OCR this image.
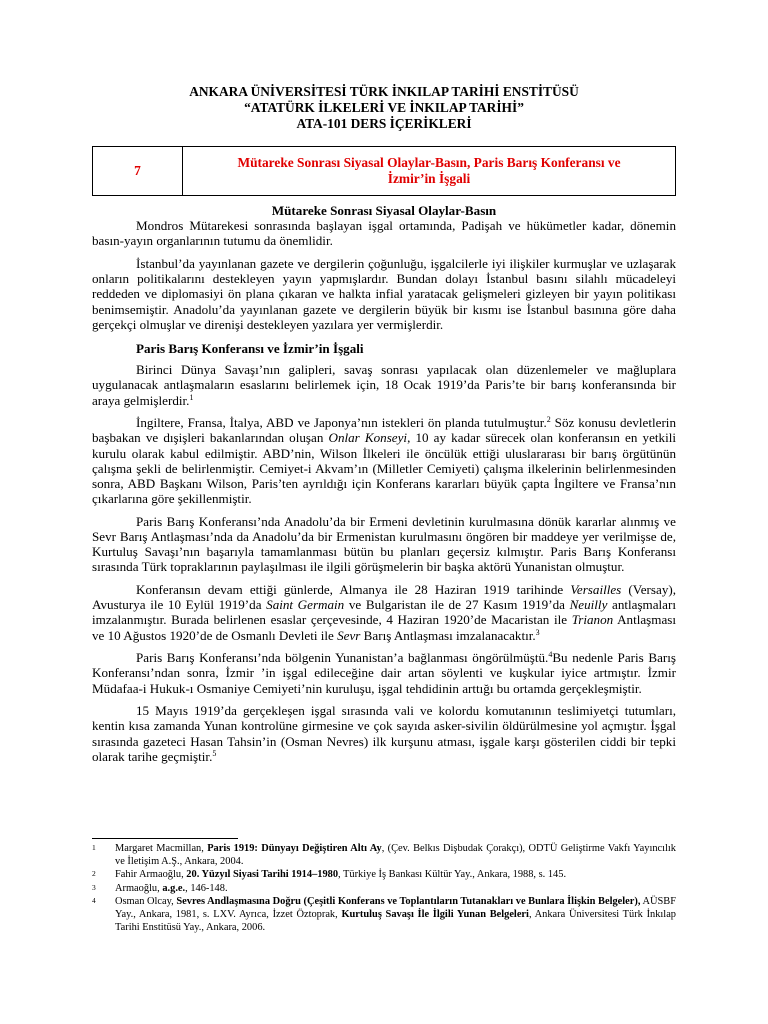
ANKARA ÜNİVERSİTESİ TÜRK İNKILAP TARİHİ ENSTİTÜSÜ
“ATATÜRK İLKELERİ VE İNKILAP TARİHİ”
ATA-101 DERS İÇERİKLERİ
7
Mütareke Sonrası Siyasal Olaylar-Basın, Paris Barış Konferansı ve İzmir’in İşgali
Mütareke Sonrası Siyasal Olaylar-Basın

Mondros Mütarekesi sonrasında başlayan işgal ortamında, Padişah ve hükümetler kadar, dönemin basın-yayın organlarının tutumu da önemlidir.

İstanbul’da yayınlanan gazete ve dergilerin çoğunluğu, işgalcilerle iyi ilişkiler kurmuşlar ve uzlaşarak onların politikalarını destekleyen yayın yapmışlardır. Bundan dolayı İstanbul basını silahlı mücadeleyi reddeden ve diplomasiyi ön plana çıkaran ve halkta infial yaratacak gelişmeleri gizleyen bir yayın politikası benimsemiştir. Anadolu’da yayınlanan gazete ve dergilerin büyük bir kısmı ise İstanbul basınına göre daha gerçekçi olmuşlar ve direnişi destekleyen yazılara yer vermişlerdir.

Paris Barış Konferansı ve İzmir’in İşgali

Birinci Dünya Savaşı’nın galipleri, savaş sonrası yapılacak olan düzenlemeler ve mağluplara uygulanacak antlaşmaların esaslarını belirlemek için, 18 Ocak 1919’da Paris’te bir barış konferansında bir araya gelmişlerdir.$^1$

İngiltere, Fransa, İtalya, ABD ve Japonya’nın istekleri ön planda tutulmuştur.$^2$ Söz konusu devletlerin başbakan ve dışişleri bakanlarından oluşan Onlar Konseyi, 10 ay kadar sürecek olan konferansın en yetkili kurulu olarak kabul edilmiştir. ABD’nin, Wilson İlkeleri ile öncülük ettiği uluslararası bir barış örgütünün çalışma şekli de belirlenmiştir. Cemiyet-i Akvam’ın (Milletler Cemiyeti) çalışma ilkelerinin belirlenmesinden sonra, ABD Başkanı Wilson, Paris’ten ayrıldığı için Konferans kararları büyük çapta İngiltere ve Fransa’nın çıkarlarına göre şekillenmiştir.

Paris Barış Konferansı’nda Anadolu’da bir Ermeni devletinin kurulmasına dönük kararlar alınmış ve Sevr Barış Antlaşması’nda da Anadolu’da bir Ermenistan kurulmasını öngören bir maddeye yer verilmişse de, Kurtuluş Savaşı’nın başarıyla tamamlanması bütün bu planları geçersiz kılmıştır. Paris Barış Konferansı sırasında Türk topraklarının paylaşılması ile ilgili görüşmelerin bir başka aktörü Yunanistan olmuştur.

Konferansın devam ettiği günlerde, Almanya ile 28 Haziran 1919 tarihinde Versailles (Versay), Avusturya ile 10 Eylül 1919’da Saint Germain ve Bulgaristan ile de 27 Kasım 1919’da Neuilly antlaşmaları imzalanmıştır. Burada belirlenen esaslar çerçevesinde, 4 Haziran 1920’de Macaristan ile Trianon Antlaşması ve 10 Ağustos 1920’de de Osmanlı Devleti ile Sevr Barış Antlaşması imzalanacaktır.$^3$

Paris Barış Konferansı’nda bölgenin Yunanistan’a bağlanması öngörülmüştü.$^4$Bu nedenle Paris Barış Konferansı’ndan sonra, İzmir ’in işgal edileceğine dair artan söylenti ve kuşkular iyice artmıştır. İzmir Müdafaa-i Hukuk-ı Osmaniye Cemiyeti’nin kuruluşu, işgal tehdidinin arttığı bu ortamda gerçekleşmiştir.

15 Mayıs 1919’da gerçekleşen işgal sırasında vali ve kolordu komutanının teslimiyetçi tutumları, kentin kısa zamanda Yunan kontrolüne girmesine ve çok sayıda asker-sivilin öldürülmesine yol açmıştır. İşgal sırasında gazeteci Hasan Tahsin’in (Osman Nevres) ilk kurşunu atması, işgale karşı gösterilen ciddi bir tepki olarak tarihe geçmiştir.$^5$

1	Margaret Macmillan, Paris 1919: Dünyayı Değiştiren Altı Ay, (Çev. Belkıs Dişbudak Çorakçı), ODTÜ Geliştirme Vakfı Yayıncılık ve İletişim A.Ş., Ankara, 2004.
2	Fahir Armaoğlu, 20. Yüzyıl Siyasi Tarihi 1914–1980, Türkiye İş Bankası Kültür Yay., Ankara, 1988, s. 145.
3	Armaoğlu, a.g.e., 146-148.
4	Osman Olcay, Sevres Andlaşmasına Doğru (Çeşitli Konferans ve Toplantıların Tutanakları ve Bunlara İlişkin Belgeler), AÜSBF Yay., Ankara, 1981, s. LXV. Ayrıca, İzzet Öztoprak, Kurtuluş Savaşı İle İlgili Yunan Belgeleri, Ankara Üniversitesi Türk İnkılap Tarihi Enstitüsü Yay., Ankara, 2006.
